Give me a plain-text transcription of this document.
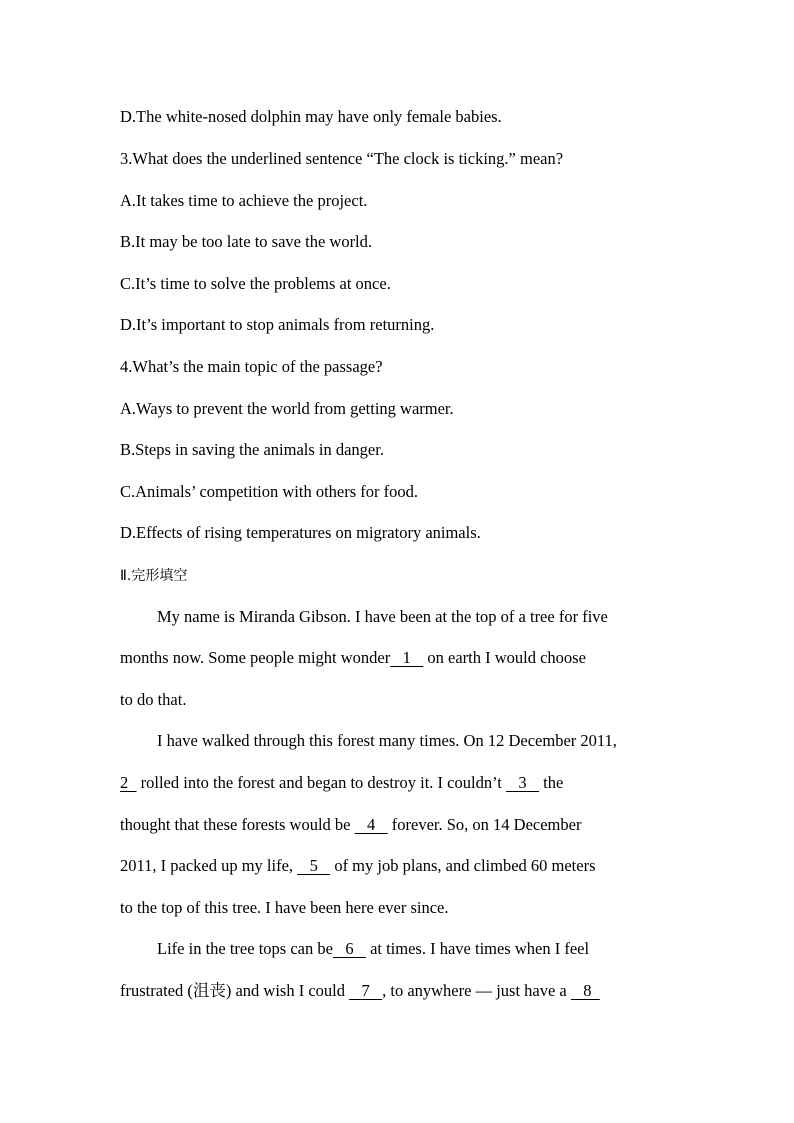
D.The white-nosed dolphin may have only female babies.
3.What does the underlined sentence “The clock is ticking.” mean?
A.It takes time to achieve the project.
B.It may be too late to save the world.
C.It’s time to solve the problems at once.
D.It’s important to stop animals from returning.
4.What’s the main topic of the passage?
A.Ways to prevent the world from getting warmer.
B.Steps in saving the animals in danger.
C.Animals’ competition with others for food.
D.Effects of rising temperatures on migratory animals.
Ⅱ.完形填空
My name is Miranda Gibson. I have been at the top of a tree for five
months now. Some people might wonder   1    on earth I would choose
to do that.
I have walked through this forest many times. On 12 December 2011,
2   rolled into the forest and began to destroy it. I couldn’t    3    the
thought that these forests would be    4    forever. So, on 14 December
2011, I packed up my life,    5    of my job plans, and climbed 60 meters
to the top of this tree. I have been here ever since.
Life in the tree tops can be   6    at times. I have times when I feel
frustrated (沮丧) and wish I could    7   , to anywhere — just have a    8
